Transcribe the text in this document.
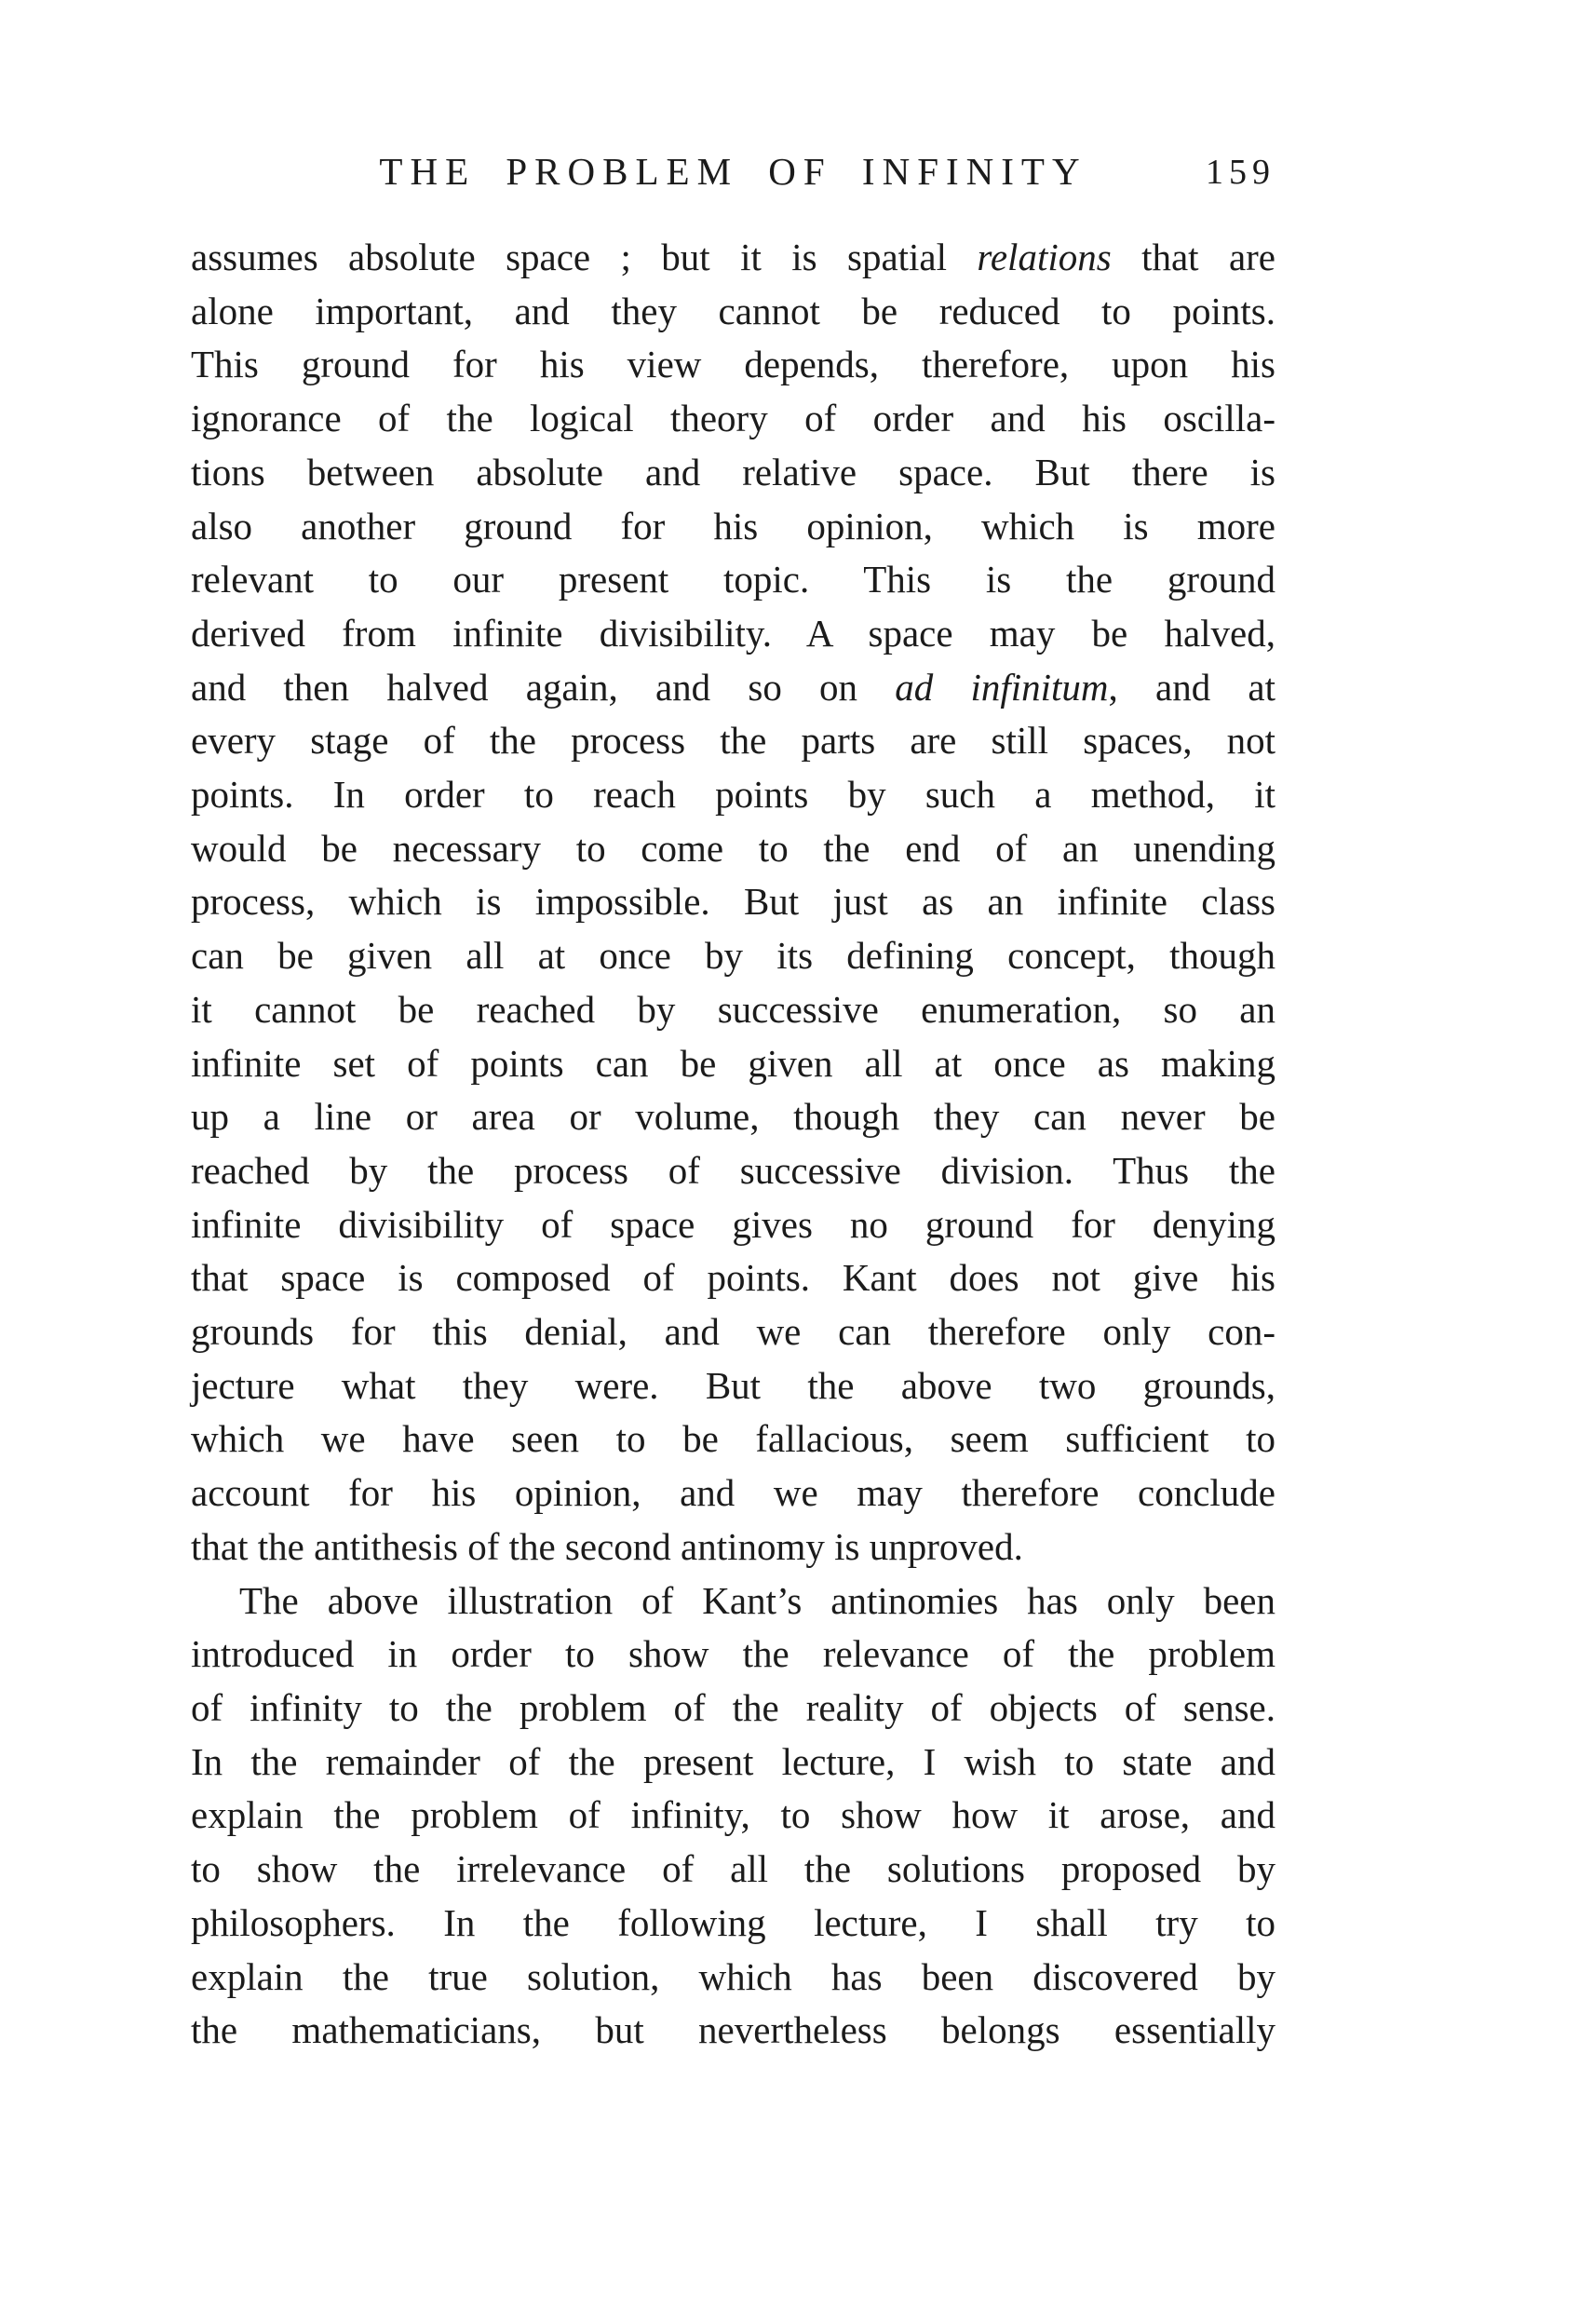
THE PROBLEM OF INFINITY	159
assumes absolute space ; but it is spatial relations that are
alone important, and they cannot be reduced to points.
This ground for his view depends, therefore, upon his
ignorance of the logical theory of order and his oscilla-
tions between absolute and relative space. But there is
also another ground for his opinion, which is more
relevant to our present topic. This is the ground
derived from infinite divisibility. A space may be halved,
and then halved again, and so on ad infinitum, and at
every stage of the process the parts are still spaces, not
points. In order to reach points by such a method, it
would be necessary to come to the end of an unending
process, which is impossible. But just as an infinite class
can be given all at once by its defining concept, though
it cannot be reached by successive enumeration, so an
infinite set of points can be given all at once as making
up a line or area or volume, though they can never be
reached by the process of successive division. Thus the
infinite divisibility of space gives no ground for denying
that space is composed of points. Kant does not give his
grounds for this denial, and we can therefore only con-
jecture what they were. But the above two grounds,
which we have seen to be fallacious, seem sufficient to
account for his opinion, and we may therefore conclude
that the antithesis of the second antinomy is unproved.
The above illustration of Kant’s antinomies has only been
introduced in order to show the relevance of the problem
of infinity to the problem of the reality of objects of sense.
In the remainder of the present lecture, I wish to state and
explain the problem of infinity, to show how it arose, and
to show the irrelevance of all the solutions proposed by
philosophers. In the following lecture, I shall try to
explain the true solution, which has been discovered by
the mathematicians, but nevertheless belongs essentially
